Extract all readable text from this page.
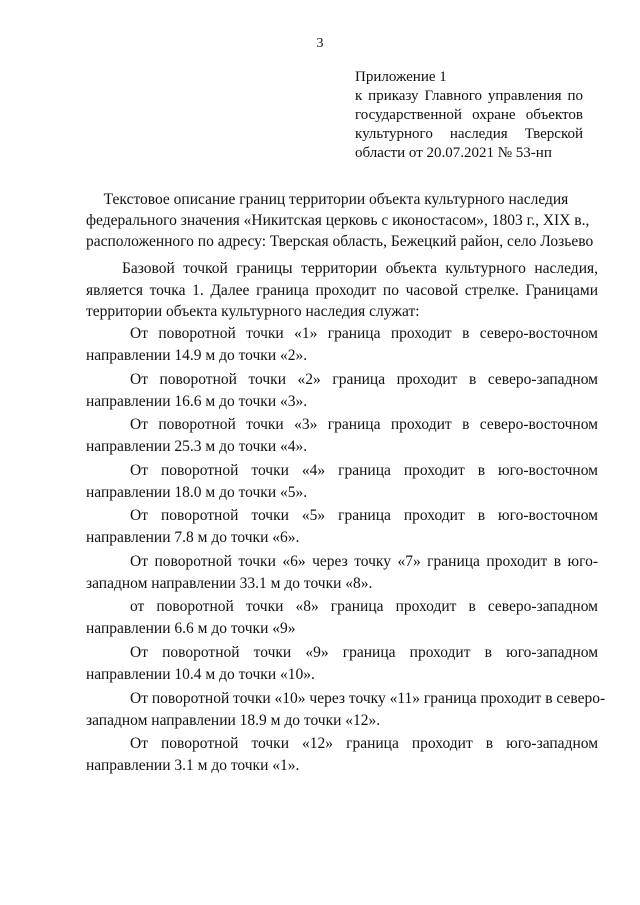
3
Приложение 1
к приказу Главного управления по
государственной охране объектов
культурного наследия Тверской
области от 20.07.2021 № 53-нп
Текстовое описание границ территории объекта культурного наследия
федерального значения «Никитская церковь с иконостасом», 1803 г., XIX в.,
расположенного по адресу: Тверская область, Бежецкий район, село Лозьево
Базовой точкой границы территории объекта культурного наследия,
является точка 1. Далее граница проходит по часовой стрелке. Границами
территории объекта культурного наследия служат:
От поворотной точки «1» граница проходит в северо-восточном
направлении 14.9 м до точки «2».
От поворотной точки «2» граница проходит в северо-западном
направлении 16.6 м до точки «3».
От поворотной точки «3» граница проходит в северо-восточном
направлении 25.3 м до точки «4».
От поворотной точки «4» граница проходит в юго-восточном
направлении 18.0 м до точки «5».
От поворотной точки «5» граница проходит в юго-восточном
направлении 7.8 м до точки «6».
От поворотной точки «6» через точку «7» граница проходит в юго-
западном направлении 33.1 м до точки «8».
от поворотной точки «8» граница проходит в северо-западном
направлении 6.6 м до точки «9»
От поворотной точки «9» граница проходит в юго-западном
направлении 10.4 м до точки «10».
От поворотной точки «10» через точку «11» граница проходит в северо-
западном направлении 18.9 м до точки «12».
От поворотной точки «12» граница проходит в юго-западном
направлении 3.1 м до точки «1».
